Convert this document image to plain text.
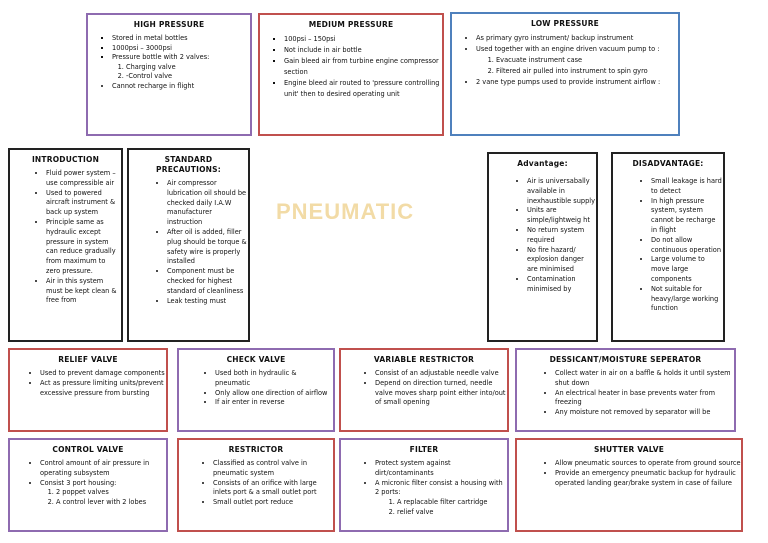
PNEUMATIC
HIGH PRESSURE
▪ Stored in metal bottles
▪ 1000psi – 3000psi
▪ Pressure bottle with 2 valves:
1. Charging valve
2. -Control valve
• Cannot recharge in flight
MEDIUM PRESSURE
▪ 100psi – 150psi
▪ Not include in air bottle
▪ Gain bleed air from turbine engine compressor section
▪ Engine bleed air routed to 'pressure controlling unit' then to desired operating unit
LOW PRESSURE
• As primary gyro instrument/ backup instrument
• Used together with an engine driven vacuum pump to :
1. Evacuate instrument case
2. Filtered air pulled into instrument to spin gyro
• 2 vane type pumps used to provide instrument airflow :
INTRODUCTION
• Fluid power system – use compressible air
• Used to powered aircraft instrument & back up system
• Principle same as hydraulic except pressure in system can reduce gradually from maximum to zero pressure.
• Air in this system must be kept clean & free from
STANDARD PRECAUTIONS:
• Air compressor lubrication oil should be checked daily I.A.W manufacturer instruction
• After oil is added, filler plug should be torque & safety wire is properly installed
• Component must be checked for highest standard of cleanliness
• Leak testing must
Advantage:
• Air is universabally available in inexhaustible supply
• Units are simple/lightweig ht
• No return system required
• No fire hazard/ explosion danger are minimised
• Contamination minimised by
DISADVANTAGE:
• Small leakage is hard to detect
• In high pressure system, system cannot be recharge in flight
• Do not allow continuous operation
• Large volume to move large components
• Not suitable for heavy/large working function
RELIEF VALVE
• Used to prevent damage components
• Act as pressure limiting units/prevent excessive pressure from bursting
CHECK VALVE
• Used both in hydraulic & pneumatic
• Only allow one direction of airflow
• If air enter in reverse
VARIABLE RESTRICTOR
• Consist of an adjustable needle valve
• Depend on direction turned, needle valve moves sharp point either into/out of small opening
DESSICANT/MOISTURE SEPERATOR
• Collect water in air on a baffle & holds it until system shut down
• An electrical heater in base prevents water from freezing
• Any moisture not removed by separator will be
CONTROL VALVE
• Control amount of air pressure in operating subsystem
• Consist 3 port housing:
1. 2 poppet valves
2. A control lever with 2 lobes
RESTRICTOR
• Classified as control valve in pneumatic system
• Consists of an orifice with large inlets port & a small outlet port
• Small outlet port reduce
FILTER
• Protect system against dirt/contaminants
• A micronic filter consist a housing with 2 ports:
1. A replacable filter cartridge
2. relief valve
SHUTTER VALVE
• Allow pneumatic sources to operate from ground source
• Provide an emergency pneumatic backup for hydraulic operated landing gear/brake system in case of failure
